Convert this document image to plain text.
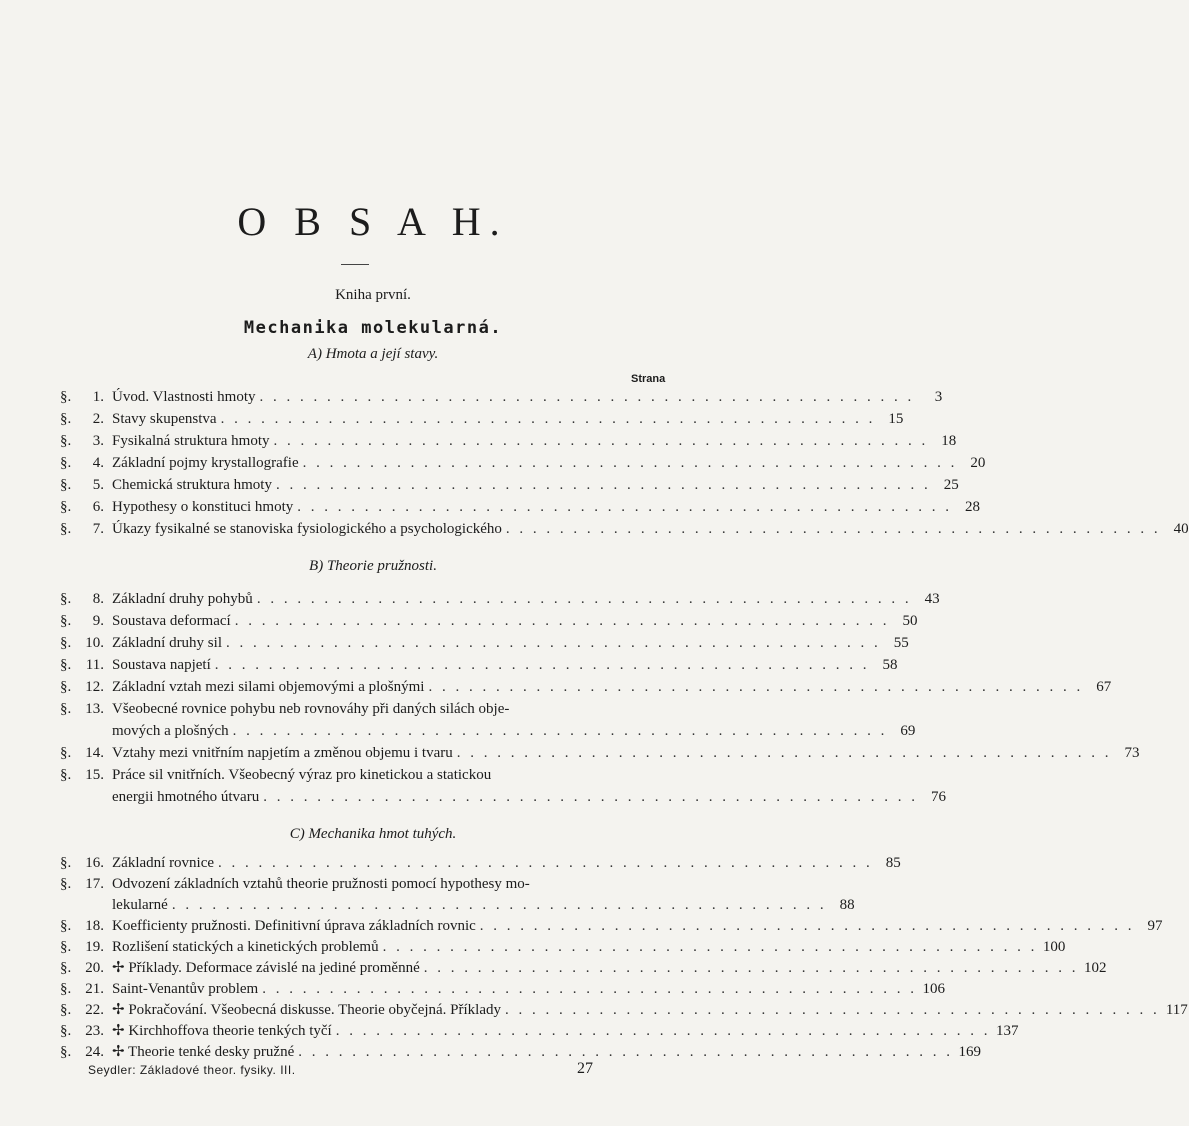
O B S A H.
Kniha první.
Mechanika molekularná.
A) Hmota a její stavy.
Strana
§.	1. Úvod. Vlastnosti hmoty . . . . . . . . . . . . . . . . . . . . . . . . . . . . . . . . . . . . . . . . . . . . . . . . .	3
§.	2. Stavy skupenstva . . . . . . . . . . . . . . . . . . . . . . . . . . . . . . . . . . . . . . . . . . . . . . . . . 15
§.	3. Fysikalná struktura hmoty . . . . . . . . . . . . . . . . . . . . . . . . . . . . . . . . . . . . . . . . . . . . . . . . . 18
§.	4. Základní pojmy krystallografie . . . . . . . . . . . . . . . . . . . . . . . . . . . . . . . . . . . . . . . . . . . . . . . . . 20
§.	5. Chemická struktura hmoty . . . . . . . . . . . . . . . . . . . . . . . . . . . . . . . . . . . . . . . . . . . . . . . . . 25
§.	6. Hypothesy o konstituci hmoty . . . . . . . . . . . . . . . . . . . . . . . . . . . . . . . . . . . . . . . . . . . . . . . . . 28
§.	7. Úkazy fysikalné se stanoviska fysiologického a psychologického . . . . . . . . . . . . . . . . . . . . . . . . . . . . . . . . . . . . . . . . . . . . . . . . . 40
B) Theorie pružnosti.
§.	8. Základní druhy pohybů . . . . . . . . . . . . . . . . . . . . . . . . . . . . . . . . . . . . . . . . . . . . . . . . . 43
§.	9. Soustava deformací . . . . . . . . . . . . . . . . . . . . . . . . . . . . . . . . . . . . . . . . . . . . . . . . . 50
§. 10. Základní druhy sil . . . . . . . . . . . . . . . . . . . . . . . . . . . . . . . . . . . . . . . . . . . . . . . . . 55
§. 11. Soustava napjetí . . . . . . . . . . . . . . . . . . . . . . . . . . . . . . . . . . . . . . . . . . . . . . . . . 58
§. 12. Základní vztah mezi silami objemovými a plošnými . . . . . . . . . . . . . . . . . . . . . . . . . . . . . . . . . . . . . . . . . . . . . . . . . 67
§. 13. Všeobecné rovnice pohybu neb rovnováhy při daných silách obje-
mových a plošných . . . . . . . . . . . . . . . . . . . . . . . . . . . . . . . . . . . . . . . . . . . . . . . . . 69
§. 14. Vztahy mezi vnitřním napjetím a změnou objemu i tvaru . . . . . . . . . . . . . . . . . . . . . . . . . . . . . . . . . . . . . . . . . . . . . . . . . 73
§. 15. Práce sil vnitřních. Všeobecný výraz pro kinetickou a statickou
energii hmotného útvaru . . . . . . . . . . . . . . . . . . . . . . . . . . . . . . . . . . . . . . . . . . . . . . . . . 76
C) Mechanika hmot tuhých.
§. 16. Základní rovnice . . . . . . . . . . . . . . . . . . . . . . . . . . . . . . . . . . . . . . . . . . . . . . . . . 85
§. 17. Odvození základních vztahů theorie pružnosti pomocí hypothesy mo-
lekularné . . . . . . . . . . . . . . . . . . . . . . . . . . . . . . . . . . . . . . . . . . . . . . . . . 88
§. 18. Koefficienty pružnosti. Definitivní úprava základních rovnic . . . . . . . . . . . . . . . . . . . . . . . . . . . . . . . . . . . . . . . . . . . . . . . . . 97
§. 19. Rozlišení statických a kinetických problemů . . . . . . . . . . . . . . . . . . . . . . . . . . . . . . . . . . . . . . . . . . . . . . . . . 100
§. 20. ✢ Příklady. Deformace závislé na jediné proměnné . . . . . . . . . . . . . . . . . . . . . . . . . . . . . . . . . . . . . . . . . . . . . . . . . 102
§. 21. Saint-Venantův problem . . . . . . . . . . . . . . . . . . . . . . . . . . . . . . . . . . . . . . . . . . . . . . . . . 106
§. 22. ✢ Pokračování. Všeobecná diskusse. Theorie obyčejná. Příklady . . . . . . . . . . . . . . . . . . . . . . . . . . . . . . . . . . . . . . . . . . . . . . . . . 117
§. 23. ✢ Kirchhoffova theorie tenkých tyčí . . . . . . . . . . . . . . . . . . . . . . . . . . . . . . . . . . . . . . . . . . . . . . . . . 137
§. 24. ✢ Theorie tenké desky pružné . . . . . . . . . . . . . . . . . . . . . . . . . . . . . . . . . . . . . . . . . . . . . . . . . 169
Seydler: Základové theor. fysiky. III.	27
